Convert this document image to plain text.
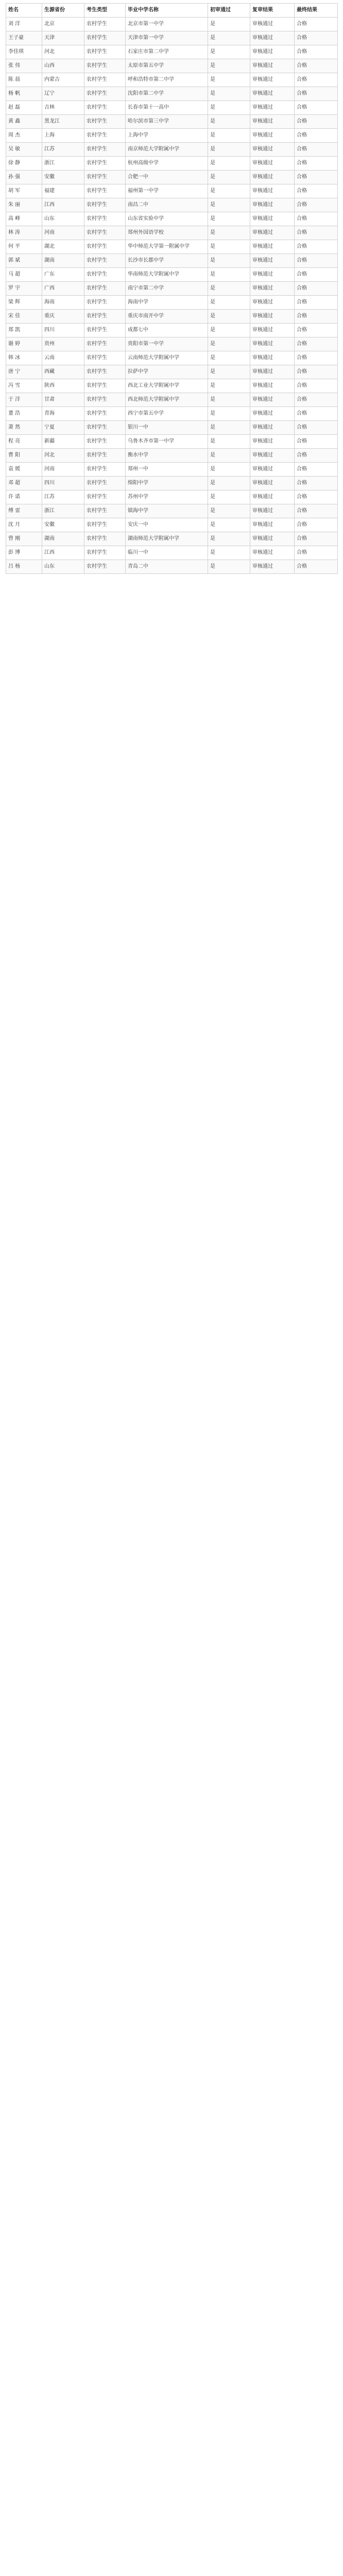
姓名	生源省份	考生类型	毕业中学名称	初审通过	复审结果	最终结果
刘 洋	北京	农村学生	北京市第一中学	是	审核通过	合格
王子豪	天津	农村学生	天津市第一中学	是	审核通过	合格
李佳琪	河北	农村学生	石家庄市第二中学	是	审核通过	合格
张 伟	山西	农村学生	太原市第五中学	是	审核通过	合格
陈 晨	内蒙古	农村学生	呼和浩特市第二中学	是	审核通过	合格
杨 帆	辽宁	农村学生	沈阳市第二中学	是	审核通过	合格
赵 磊	吉林	农村学生	长春市第十一高中	是	审核通过	合格
黄 鑫	黑龙江	农村学生	哈尔滨市第三中学	是	审核通过	合格
周 杰	上海	农村学生	上海中学	是	审核通过	合格
吴 敏	江苏	农村学生	南京师范大学附属中学	是	审核通过	合格
徐 静	浙江	农村学生	杭州高级中学	是	审核通过	合格
孙 强	安徽	农村学生	合肥一中	是	审核通过	合格
胡 军	福建	农村学生	福州第一中学	是	审核通过	合格
朱 丽	江西	农村学生	南昌二中	是	审核通过	合格
高 峰	山东	农村学生	山东省实验中学	是	审核通过	合格
林 涛	河南	农村学生	郑州外国语学校	是	审核通过	合格
何 平	湖北	农村学生	华中师范大学第一附属中学	是	审核通过	合格
郭 斌	湖南	农村学生	长沙市长郡中学	是	审核通过	合格
马 超	广东	农村学生	华南师范大学附属中学	是	审核通过	合格
罗 宇	广西	农村学生	南宁市第二中学	是	审核通过	合格
梁 辉	海南	农村学生	海南中学	是	审核通过	合格
宋 佳	重庆	农村学生	重庆市南开中学	是	审核通过	合格
郑 凯	四川	农村学生	成都七中	是	审核通过	合格
谢 婷	贵州	农村学生	贵阳市第一中学	是	审核通过	合格
韩 冰	云南	农村学生	云南师范大学附属中学	是	审核通过	合格
唐 宁	西藏	农村学生	拉萨中学	是	审核通过	合格
冯 雪	陕西	农村学生	西北工业大学附属中学	是	审核通过	合格
于 洋	甘肃	农村学生	西北师范大学附属中学	是	审核通过	合格
董 浩	青海	农村学生	西宁市第五中学	是	审核通过	合格
萧 然	宁夏	农村学生	银川一中	是	审核通过	合格
程 亮	新疆	农村学生	乌鲁木齐市第一中学	是	审核通过	合格
曹 阳	河北	农村学生	衡水中学	是	审核通过	合格
袁 媛	河南	农村学生	郑州一中	是	审核通过	合格
邓 超	四川	农村学生	绵阳中学	是	审核通过	合格
许 诺	江苏	农村学生	苏州中学	是	审核通过	合格
傅 雷	浙江	农村学生	镇海中学	是	审核通过	合格
沈 月	安徽	农村学生	安庆一中	是	审核通过	合格
曾 刚	湖南	农村学生	湖南师范大学附属中学	是	审核通过	合格
彭 博	江西	农村学生	临川一中	是	审核通过	合格
吕 杨	山东	农村学生	青岛二中	是	审核通过	合格
